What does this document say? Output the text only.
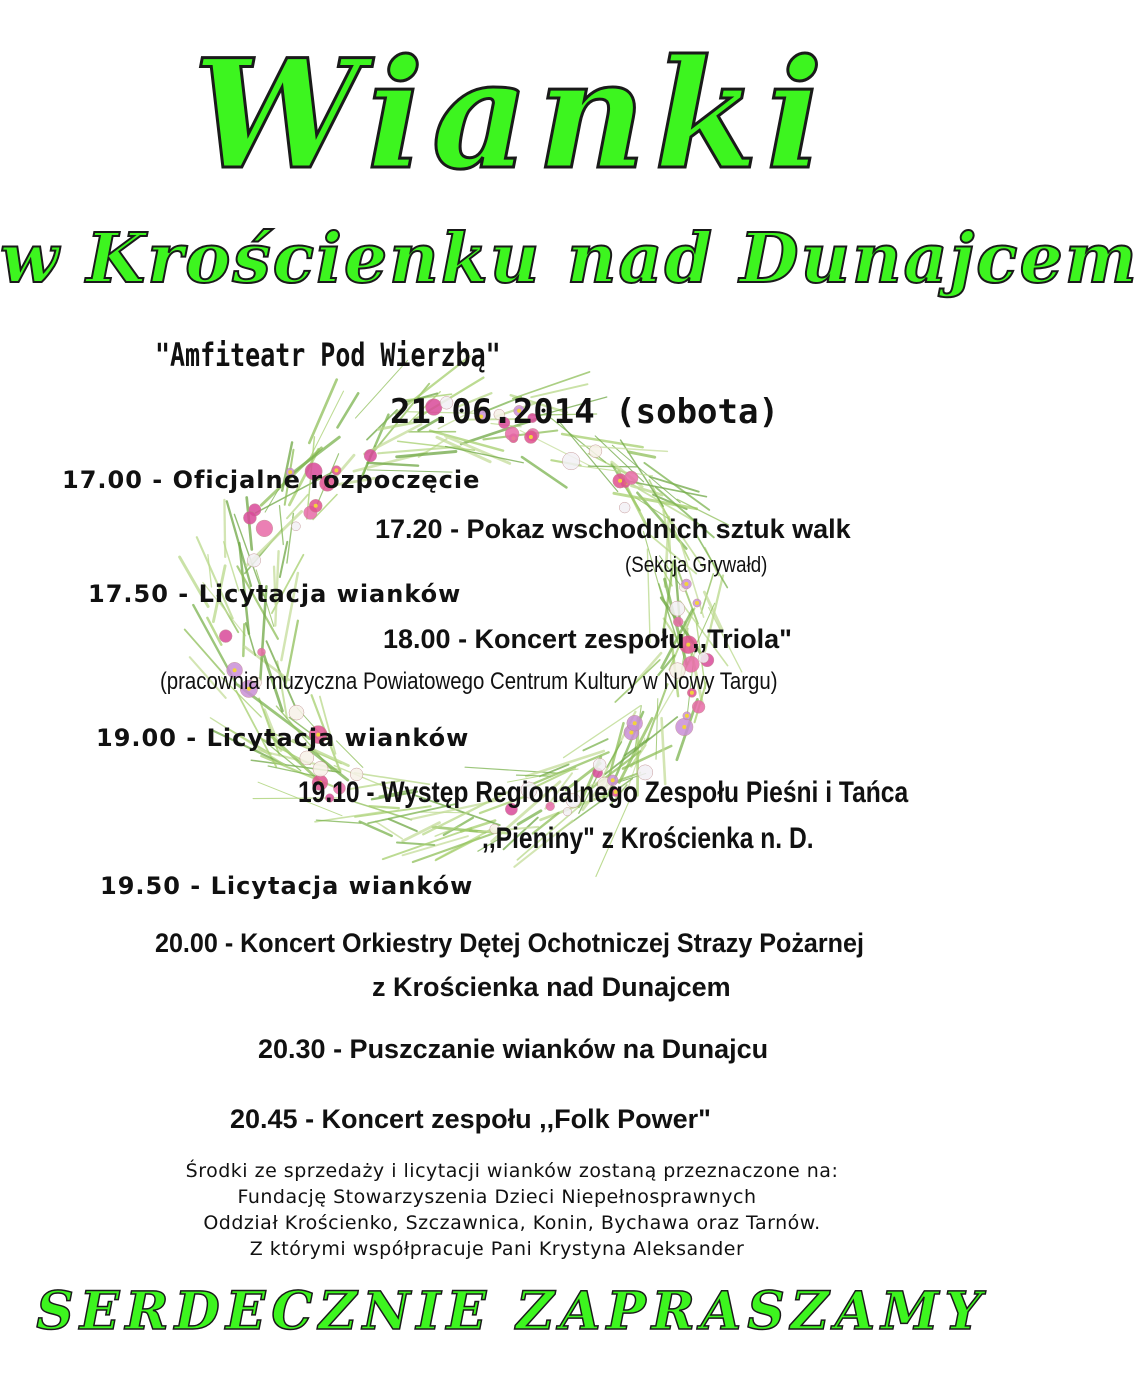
Wianki
w Krościenku nad Dunajcem
"Amfiteatr Pod Wierzbą"
21.06.2014 (sobota)
17.00 - Oficjalne rozpoczęcie
17.20 - Pokaz wschodnich sztuk walk
(Sekcja Grywałd)
17.50 - Licytacja wianków
18.00 - Koncert zespołu ,,Triola"
(pracownia muzyczna Powiatowego Centrum Kultury w Nowy Targu)
19.00 - Licytacja wianków
19.10 - Występ Regionalnego Zespołu Pieśni i Tańca
,,Pieniny" z Krościenka n. D.
19.50 - Licytacja wianków
20.00 - Koncert Orkiestry Dętej Ochotniczej Strazy Pożarnej
z Krościenka nad Dunajcem
20.30 - Puszczanie wianków na Dunajcu
20.45 - Koncert zespołu ,,Folk Power"
Środki ze sprzedaży i licytacji wianków zostaną przeznaczone na:
Fundację Stowarzyszenia Dzieci Niepełnosprawnych
Oddział Krościenko, Szczawnica, Konin, Bychawa oraz Tarnów.
Z którymi współpracuje Pani Krystyna Aleksander
SERDECZNIE ZAPRASZAMY
